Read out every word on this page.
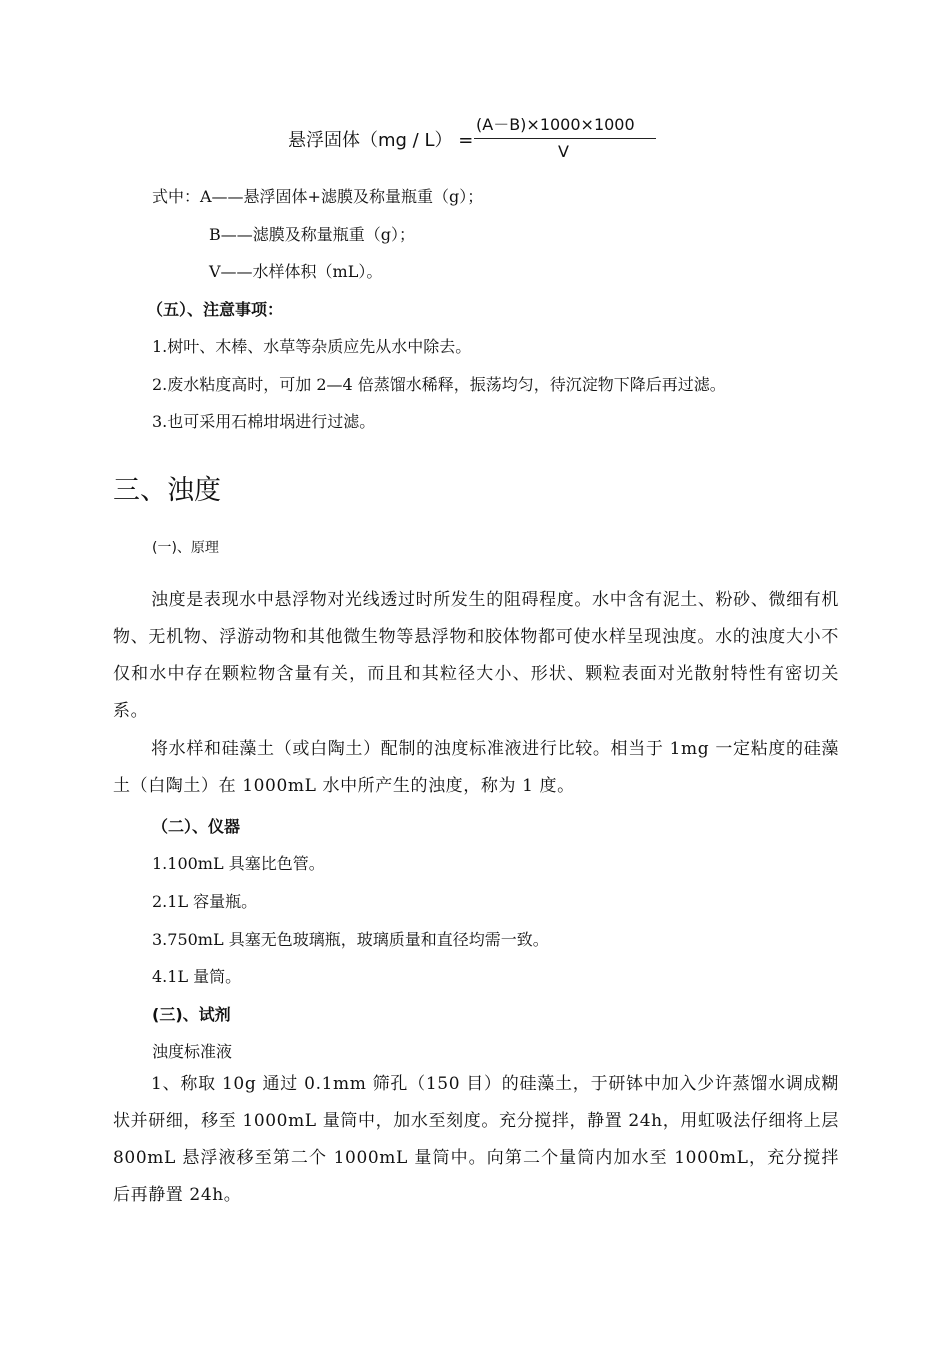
悬浮固体（mg / L） =
(A－B)×1000×1000
V
式中：A——悬浮固体+滤膜及称量瓶重（g）；
B——滤膜及称量瓶重（g）；
V——水样体积（mL）。
（五）、注意事项：
1.树叶、木棒、水草等杂质应先从水中除去。
2.废水粘度高时，可加 2—4 倍蒸馏水稀释，振荡均匀，待沉淀物下降后再过滤。
3.也可采用石棉坩埚进行过滤。
三、浊度
(一)、原理

浊度是表现水中悬浮物对光线透过时所发生的阻碍程度。水中含有泥土、粉砂、微细有机物、无机物、浮游动物和其他微生物等悬浮物和胶体物都可使水样呈现浊度。水的浊度大小不仅和水中存在颗粒物含量有关，而且和其粒径大小、形状、颗粒表面对光散射特性有密切关系。

将水样和硅藻土（或白陶土）配制的浊度标准液进行比较。相当于 1mg 一定粘度的硅藻土（白陶土）在 1000mL 水中所产生的浊度，称为 1 度。

（二）、仪器
1.100mL 具塞比色管。
2.1L 容量瓶。
3.750mL 具塞无色玻璃瓶，玻璃质量和直径均需一致。
4.1L 量筒。
(三)、试剂
浊度标准液

1、称取 10g 通过 0.1mm 筛孔（150 目）的硅藻土，于研钵中加入少许蒸馏水调成糊状并研细，移至 1000mL 量筒中，加水至刻度。充分搅拌，静置 24h，用虹吸法仔细将上层 800mL 悬浮液移至第二个 1000mL 量筒中。向第二个量筒内加水至 1000mL，充分搅拌后再静置 24h。
